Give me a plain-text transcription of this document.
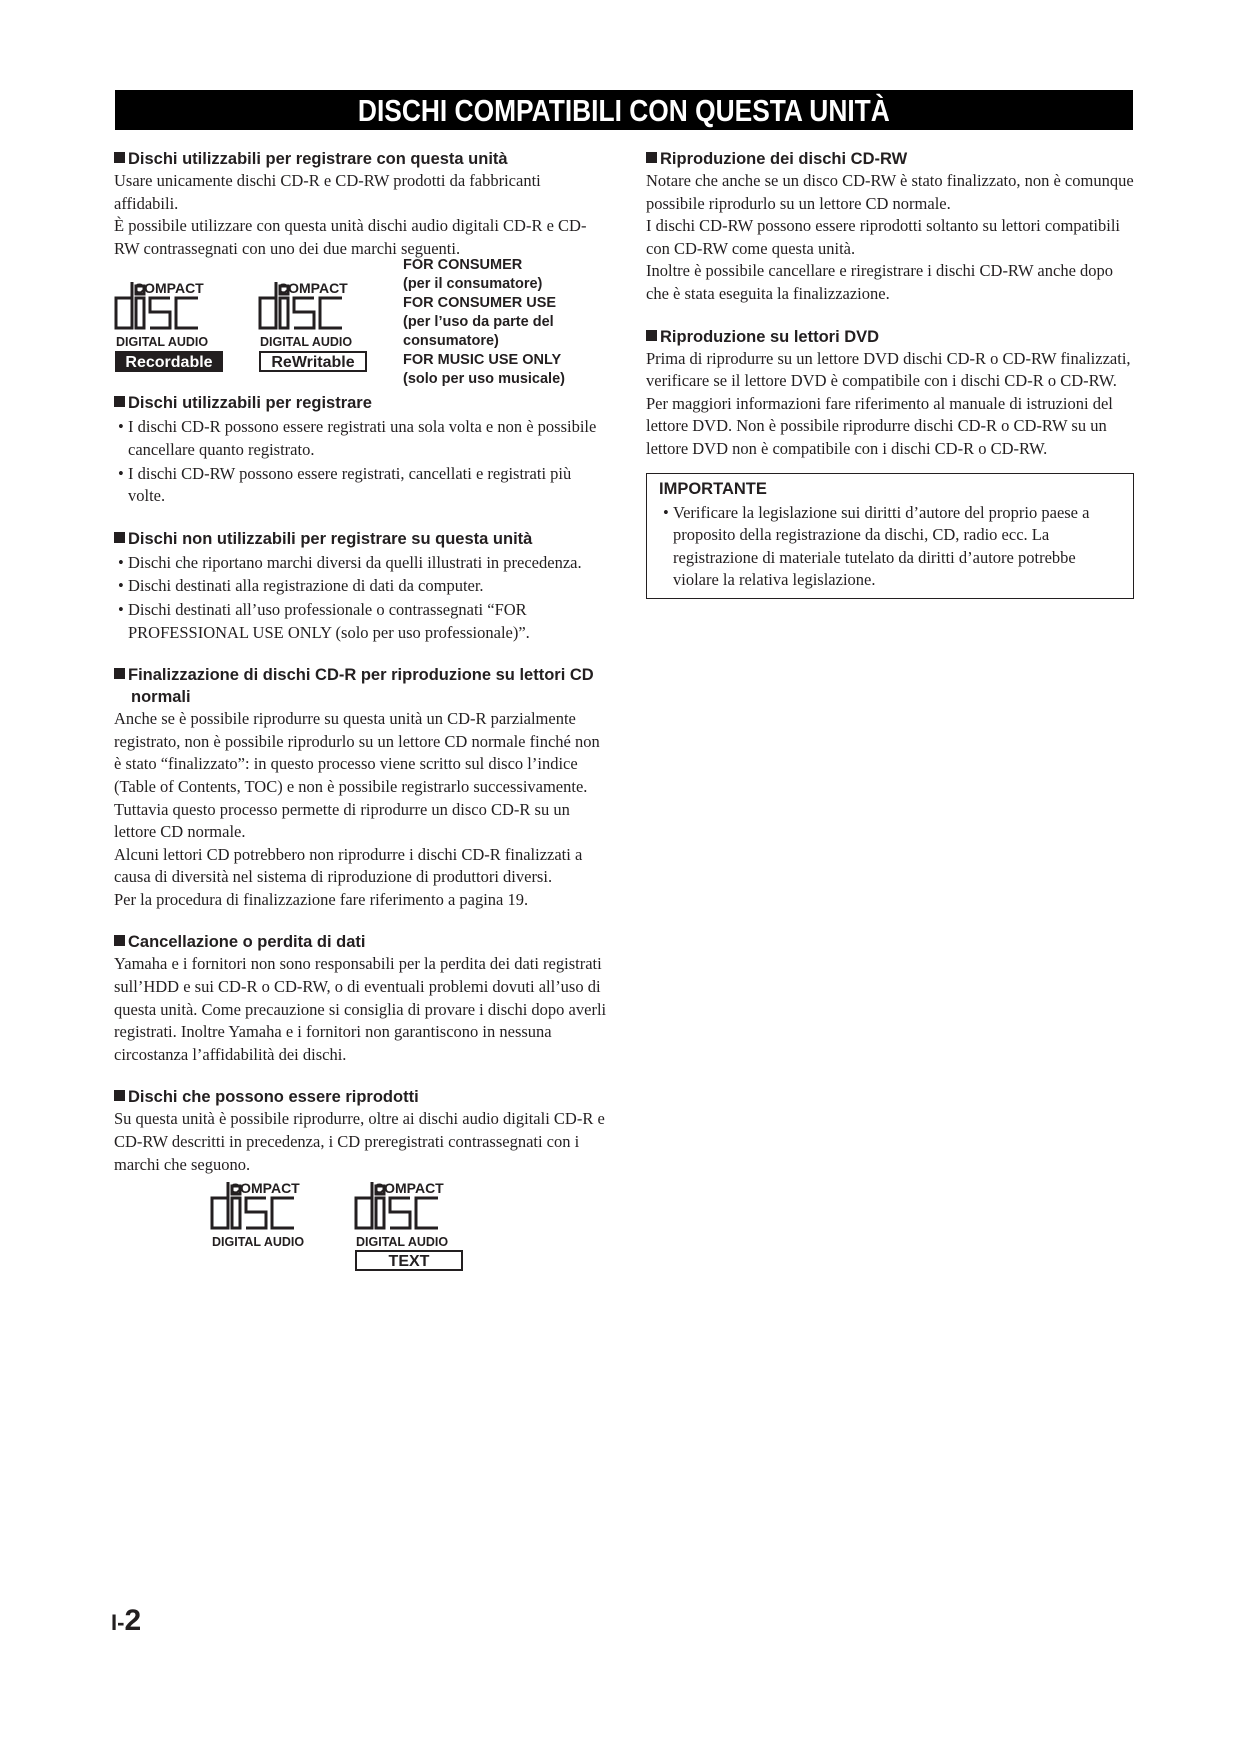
DISCHI COMPATIBILI CON QUESTA UNITÀ
Dischi utilizzabili per registrare con questa unità

Usare unicamente dischi CD-R e CD-RW prodotti da fabbricanti affidabili.

È possibile utilizzare con questa unità dischi audio digitali CD-R e CD-RW contrassegnati con uno dei due marchi seguenti.

COMPACT
DIGITAL AUDIO
Recordable
COMPACT
DIGITAL AUDIO
ReWritable
FOR CONSUMER
(per il consumatore)
FOR CONSUMER USE
(per l’uso da parte del consumatore)
FOR MUSIC USE ONLY
(solo per uso musicale)
Dischi utilizzabili per registrare
• I dischi CD-R possono essere registrati una sola volta e non è possibile cancellare quanto registrato.
• I dischi CD-RW possono essere registrati, cancellati e registrati più volte.
Dischi non utilizzabili per registrare su questa unità
• Dischi che riportano marchi diversi da quelli illustrati in precedenza.
• Dischi destinati alla registrazione di dati da computer.
• Dischi destinati all’uso professionale o contrassegnati “FOR PROFESSIONAL USE ONLY (solo per uso professionale)”.
Finalizzazione di dischi CD-R per riproduzione su lettori CD normali

Anche se è possibile riprodurre su questa unità un CD-R parzialmente registrato, non è possibile riprodurlo su un lettore CD normale finché non è stato “finalizzato”: in questo processo viene scritto sul disco l’indice (Table of Contents, TOC) e non è possibile registrarlo successivamente.

Tuttavia questo processo permette di riprodurre un disco CD-R su un lettore CD normale.

Alcuni lettori CD potrebbero non riprodurre i dischi CD-R finalizzati a causa di diversità nel sistema di riproduzione di produttori diversi.

Per la procedura di finalizzazione fare riferimento a pagina 19.

Cancellazione o perdita di dati

Yamaha e i fornitori non sono responsabili per la perdita dei dati registrati sull’HDD e sui CD-R o CD-RW, o di eventuali problemi dovuti all’uso di questa unità. Come precauzione si consiglia di provare i dischi dopo averli registrati. Inoltre Yamaha e i fornitori non garantiscono in nessuna circostanza l’affidabilità dei dischi.

Dischi che possono essere riprodotti

Su questa unità è possibile riprodurre, oltre ai dischi audio digitali CD-R e CD-RW descritti in precedenza, i CD preregistrati contrassegnati con i marchi che seguono.

COMPACT
DIGITAL AUDIO
COMPACT
DIGITAL AUDIO
TEXT
Riproduzione dei dischi CD-RW

Notare che anche se un disco CD-RW è stato finalizzato, non è comunque possibile riprodurlo su un lettore CD normale.

I dischi CD-RW possono essere riprodotti soltanto su lettori compatibili con CD-RW come questa unità.

Inoltre è possibile cancellare e riregistrare i dischi CD-RW anche dopo che è stata eseguita la finalizzazione.

Riproduzione su lettori DVD

Prima di riprodurre su un lettore DVD dischi CD-R o CD-RW finalizzati, verificare se il lettore DVD è compatibile con i dischi CD-R o CD-RW. Per maggiori informazioni fare riferimento al manuale di istruzioni del lettore DVD. Non è possibile riprodurre dischi CD-R o CD-RW su un lettore DVD non è compatibile con i dischi CD-R o CD-RW.

IMPORTANTE
• Verificare la legislazione sui diritti d’autore del proprio paese a proposito della registrazione da dischi, CD, radio ecc. La registrazione di materiale tutelato da diritti d’autore potrebbe violare la relativa legislazione.
I-2
